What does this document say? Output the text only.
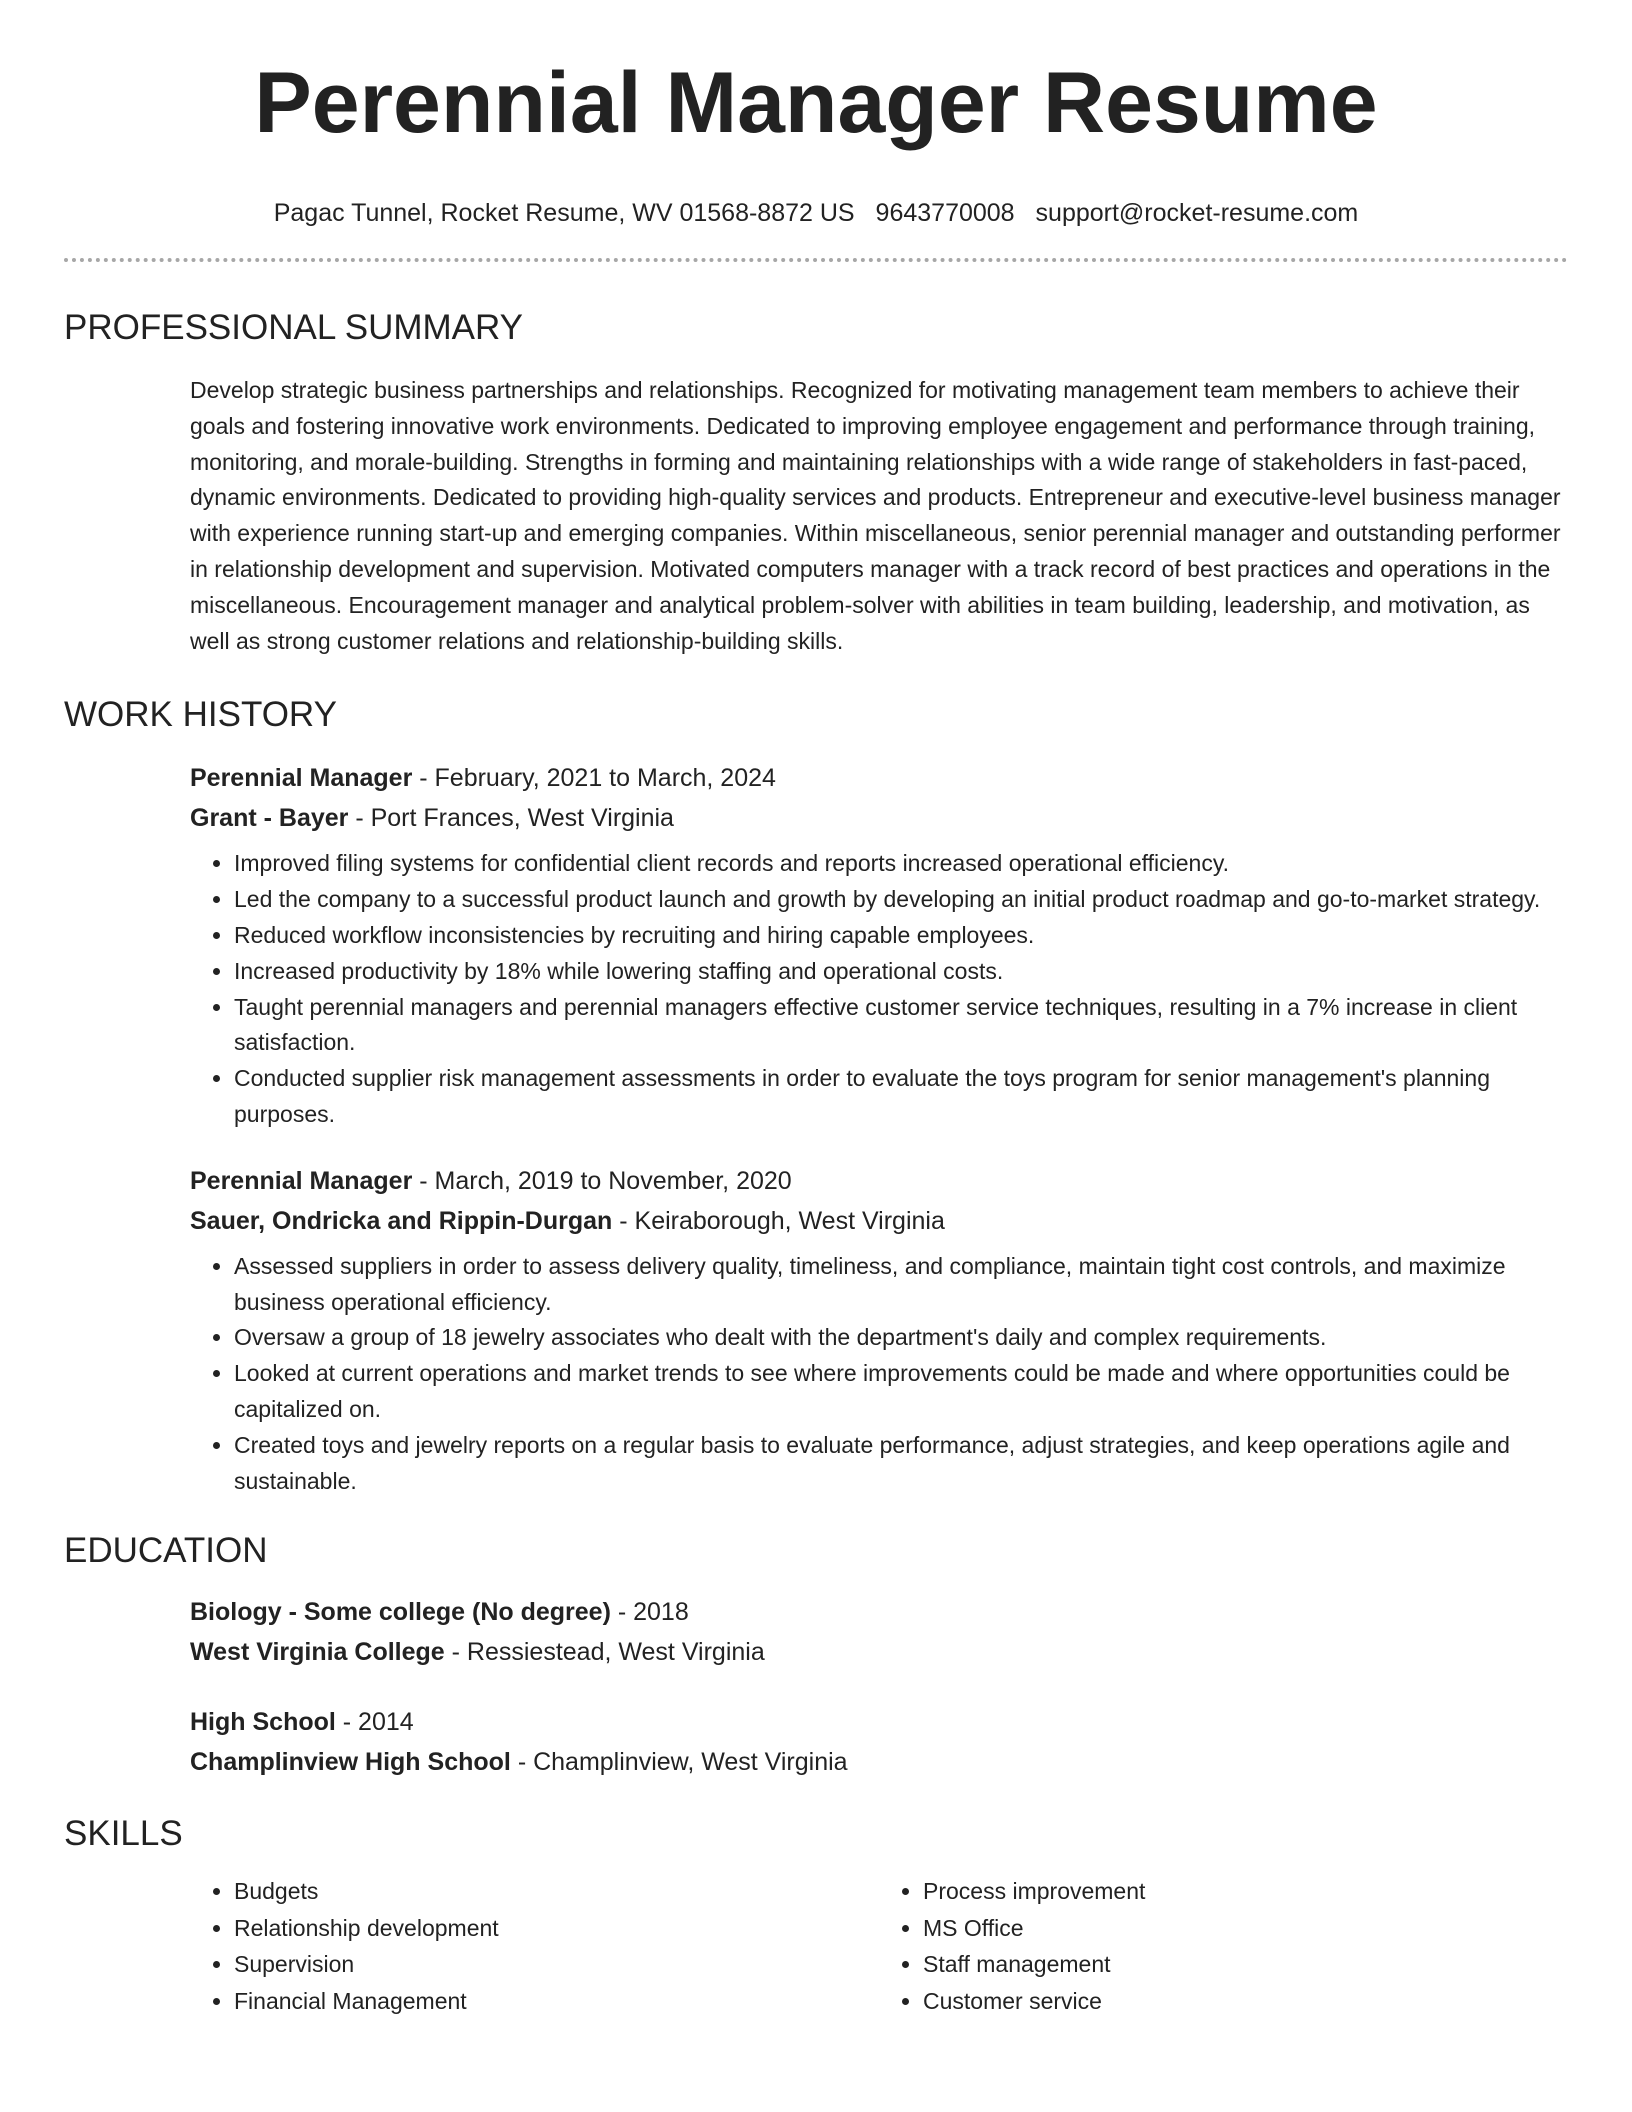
Perennial Manager Resume
Pagac Tunnel, Rocket Resume, WV 01568-8872 US 9643770008 support@rocket-resume.com
PROFESSIONAL SUMMARY
Develop strategic business partnerships and relationships. Recognized for motivating management team members to achieve their goals and fostering innovative work environments. Dedicated to improving employee engagement and performance through training, monitoring, and morale-building. Strengths in forming and maintaining relationships with a wide range of stakeholders in fast-paced, dynamic environments. Dedicated to providing high-quality services and products. Entrepreneur and executive-level business manager with experience running start-up and emerging companies. Within miscellaneous, senior perennial manager and outstanding performer in relationship development and supervision. Motivated computers manager with a track record of best practices and operations in the miscellaneous. Encouragement manager and analytical problem-solver with abilities in team building, leadership, and motivation, as well as strong customer relations and relationship-building skills.
WORK HISTORY
Perennial Manager - February, 2021 to March, 2024
Grant - Bayer - Port Frances, West Virginia
• Improved filing systems for confidential client records and reports increased operational efficiency.
• Led the company to a successful product launch and growth by developing an initial product roadmap and go-to-market strategy.
• Reduced workflow inconsistencies by recruiting and hiring capable employees.
• Increased productivity by 18% while lowering staffing and operational costs.
• Taught perennial managers and perennial managers effective customer service techniques, resulting in a 7% increase in client satisfaction.
• Conducted supplier risk management assessments in order to evaluate the toys program for senior management's planning purposes.
Perennial Manager - March, 2019 to November, 2020
Sauer, Ondricka and Rippin-Durgan - Keiraborough, West Virginia
• Assessed suppliers in order to assess delivery quality, timeliness, and compliance, maintain tight cost controls, and maximize business operational efficiency.
• Oversaw a group of 18 jewelry associates who dealt with the department's daily and complex requirements.
• Looked at current operations and market trends to see where improvements could be made and where opportunities could be capitalized on.
• Created toys and jewelry reports on a regular basis to evaluate performance, adjust strategies, and keep operations agile and sustainable.
EDUCATION
Biology - Some college (No degree) - 2018
West Virginia College - Ressiestead, West Virginia
High School - 2014
Champlinview High School - Champlinview, West Virginia
SKILLS
• Budgets
• Relationship development
• Supervision
• Financial Management
• Process improvement
• MS Office
• Staff management
• Customer service
